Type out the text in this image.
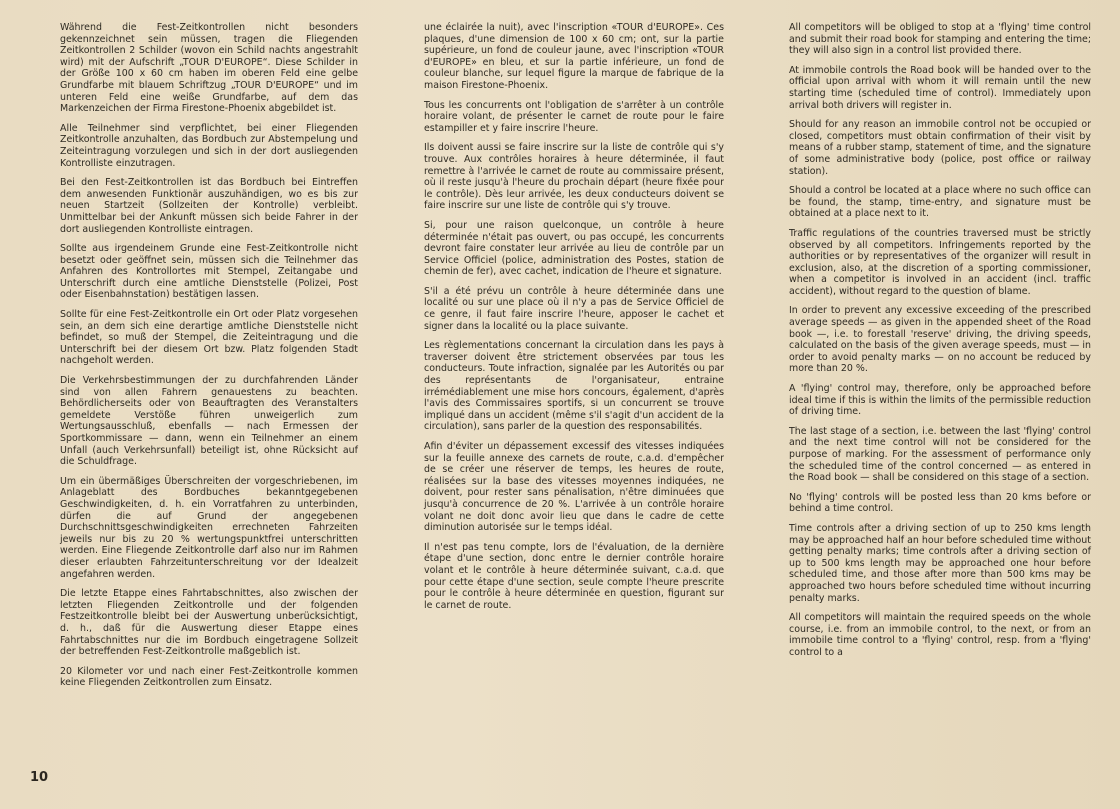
Während die Fest-Zeitkontrollen nicht besonders gekennzeichnet sein müssen, tragen die Fliegenden Zeitkontrollen 2 Schilder (wovon ein Schild nachts angestrahlt wird) mit der Aufschrift „TOUR D'EUROPE“. Diese Schilder in der Größe 100 x 60 cm haben im oberen Feld eine gelbe Grundfarbe mit blauem Schriftzug „TOUR D'EUROPE“ und im unteren Feld eine weiße Grundfarbe, auf dem das Markenzeichen der Firma Firestone-Phoenix abgebildet ist.

Alle Teilnehmer sind verpflichtet, bei einer Fliegenden Zeitkontrolle anzuhalten, das Bordbuch zur Abstempelung und Zeiteintragung vorzulegen und sich in der dort ausliegenden Kontrolliste einzutragen.

Bei den Fest-Zeitkontrollen ist das Bordbuch bei Eintreffen dem anwesenden Funktionär auszuhändigen, wo es bis zur neuen Startzeit (Sollzeiten der Kontrolle) verbleibt. Unmittelbar bei der Ankunft müssen sich beide Fahrer in der dort ausliegenden Kontrolliste eintragen.

Sollte aus irgendeinem Grunde eine Fest-Zeitkontrolle nicht besetzt oder geöffnet sein, müssen sich die Teilnehmer das Anfahren des Kontrollortes mit Stempel, Zeitangabe und Unterschrift durch eine amtliche Dienststelle (Polizei, Post oder Eisenbahnstation) bestätigen lassen.

Sollte für eine Fest-Zeitkontrolle ein Ort oder Platz vorgesehen sein, an dem sich eine derartige amtliche Dienststelle nicht befindet, so muß der Stempel, die Zeiteintragung und die Unterschrift bei der diesem Ort bzw. Platz folgenden Stadt nachgeholt werden.

Die Verkehrsbestimmungen der zu durchfahrenden Länder sind von allen Fahrern genauestens zu beachten. Behördlicherseits oder von Beauftragten des Veranstalters gemeldete Verstöße führen unweigerlich zum Wertungsausschluß, ebenfalls — nach Ermessen der Sportkommissare — dann, wenn ein Teilnehmer an einem Unfall (auch Verkehrsunfall) beteiligt ist, ohne Rücksicht auf die Schuldfrage.

Um ein übermäßiges Überschreiten der vorgeschriebenen, im Anlageblatt des Bordbuches bekanntgegebenen Geschwindigkeiten, d. h. ein Vorratfahren zu unterbinden, dürfen die auf Grund der angegebenen Durchschnittsgeschwindigkeiten errechneten Fahrzeiten jeweils nur bis zu 20 % wertungspunktfrei unterschritten werden. Eine Fliegende Zeitkontrolle darf also nur im Rahmen dieser erlaubten Fahrzeitunterschreitung vor der Idealzeit angefahren werden.

Die letzte Etappe eines Fahrtabschnittes, also zwischen der letzten Fliegenden Zeitkontrolle und der folgenden Festzeitkontrolle bleibt bei der Auswertung unberücksichtigt, d. h., daß für die Auswertung dieser Etappe eines Fahrtabschnittes nur die im Bordbuch eingetragene Sollzeit der betreffenden Fest-Zeitkontrolle maßgeblich ist.

20 Kilometer vor und nach einer Fest-Zeitkontrolle kommen keine Fliegenden Zeitkontrollen zum Einsatz.

une éclairée la nuit), avec l'inscription «TOUR d'EUROPE». Ces plaques, d'une dimension de 100 x 60 cm; ont, sur la partie supérieure, un fond de couleur jaune, avec l'inscription «TOUR d'EUROPE» en bleu, et sur la partie inférieure, un fond de couleur blanche, sur lequel figure la marque de fabrique de la maison Firestone-Phoenix.

Tous les concurrents ont l'obligation de s'arrêter à un contrôle horaire volant, de présenter le carnet de route pour le faire estampiller et y faire inscrire l'heure.

Ils doivent aussi se faire inscrire sur la liste de contrôle qui s'y trouve. Aux contrôles horaires à heure déterminée, il faut remettre à l'arrivée le carnet de route au commissaire présent, où il reste jusqu'à l'heure du prochain départ (heure fixée pour le contrôle). Dès leur arrivée, les deux conducteurs doivent se faire inscrire sur une liste de contrôle qui s'y trouve.

Si, pour une raison quelconque, un contrôle à heure déterminée n'était pas ouvert, ou pas occupé, les concurrents devront faire constater leur arrivée au lieu de contrôle par un Service Officiel (police, administration des Postes, station de chemin de fer), avec cachet, indication de l'heure et signature.

S'il a été prévu un contrôle à heure déterminée dans une localité ou sur une place où il n'y a pas de Service Officiel de ce genre, il faut faire inscrire l'heure, apposer le cachet et signer dans la localité ou la place suivante.

Les règlementations concernant la circulation dans les pays à traverser doivent être strictement observées par tous les conducteurs. Toute infraction, signalée par les Autorités ou par des représentants de l'organisateur, entraine irrémédiablement une mise hors concours, également, d'après l'avis des Commissaires sportifs, si un concurrent se trouve impliqué dans un accident (même s'il s'agit d'un accident de la circulation), sans parler de la question des responsabilités.

Afin d'éviter un dépassement excessif des vitesses indiquées sur la feuille annexe des carnets de route, c.a.d. d'empêcher de se créer une réserver de temps, les heures de route, réalisées sur la base des vitesses moyennes indiquées, ne doivent, pour rester sans pénalisation, n'être diminuées que jusqu'à concurrence de 20 %. L'arrivée à un contrôle horaire volant ne doit donc avoir lieu que dans le cadre de cette diminution autorisée sur le temps idéal.

Il n'est pas tenu compte, lors de l'évaluation, de la dernière étape d'une section, donc entre le dernier contrôle horaire volant et le contrôle à heure déterminée suivant, c.a.d. que pour cette étape d'une section, seule compte l'heure prescrite pour le contrôle à heure déterminée en question, figurant sur le carnet de route.

All competitors will be obliged to stop at a 'flying' time control and submit their road book for stamping and entering the time; they will also sign in a control list provided there.

At immobile controls the Road book will be handed over to the official upon arrival with whom it will remain until the new starting time (scheduled time of control). Immediately upon arrival both drivers will register in.

Should for any reason an immobile control not be occupied or closed, competitors must obtain confirmation of their visit by means of a rubber stamp, statement of time, and the signature of some administrative body (police, post office or railway station).

Should a control be located at a place where no such office can be found, the stamp, time-entry, and signature must be obtained at a place next to it.

Traffic regulations of the countries traversed must be strictly observed by all competitors. Infringements reported by the authorities or by representatives of the organizer will result in exclusion, also, at the discretion of a sporting commissioner, when a competitor is involved in an accident (incl. traffic accident), without regard to the question of blame.

In order to prevent any excessive exceeding of the prescribed average speeds — as given in the appended sheet of the Road book —, i.e. to forestall 'reserve' driving, the driving speeds, calculated on the basis of the given average speeds, must — in order to avoid penalty marks — on no account be reduced by more than 20 %.

A 'flying' control may, therefore, only be approached before ideal time if this is within the limits of the permissible reduction of driving time.

The last stage of a section, i.e. between the last 'flying' control and the next time control will not be considered for the purpose of marking. For the assessment of performance only the scheduled time of the control concerned — as entered in the Road book — shall be considered on this stage of a section.

No 'flying' controls will be posted less than 20 kms before or behind a time control.

Time controls after a driving section of up to 250 kms length may be approached half an hour before scheduled time without getting penalty marks; time controls after a driving section of up to 500 kms length may be approached one hour before scheduled time, and those after more than 500 kms may be approached two hours before scheduled time without incurring penalty marks.

All competitors will maintain the required speeds on the whole course, i.e. from an immobile control, to the next, or from an immobile time control to a 'flying' control, resp. from a 'flying' control to a

10
